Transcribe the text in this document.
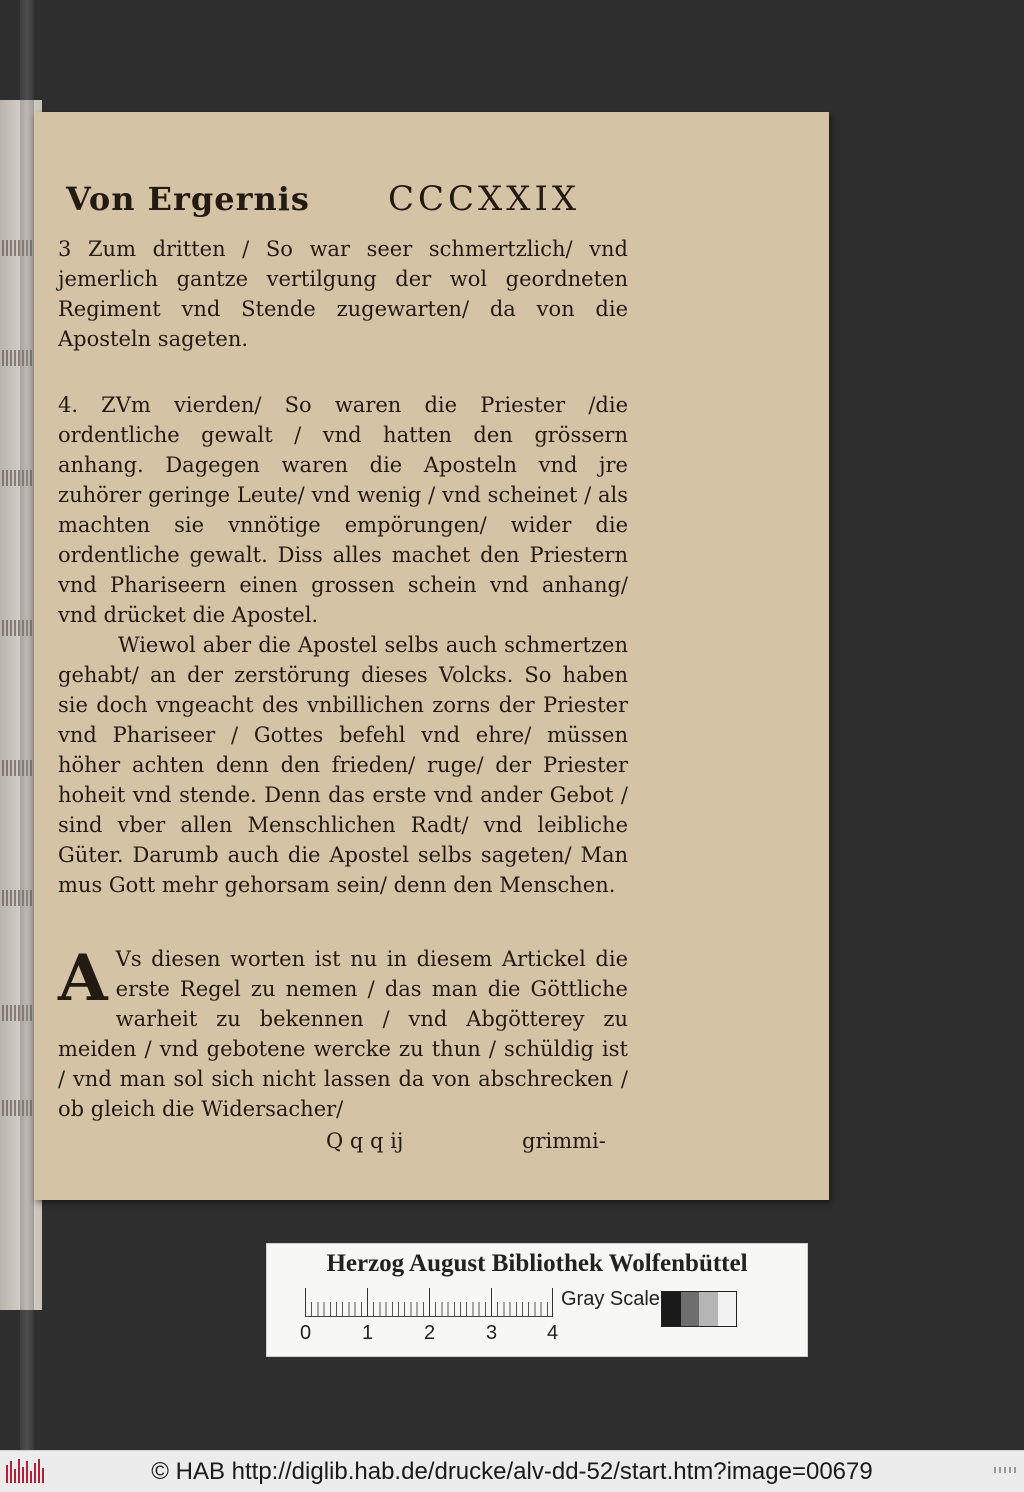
Von Ergernis CCCXXIX

3 Zum dritten / So war seer schmertzlich/ vnd jemerlich gantze vertilgung der wol geordneten Regiment vnd Stende zugewarten/ da von die Aposteln sageten.

4. ZVm vierden/ So waren die Priester /die ordentliche gewalt / vnd hatten den grössern anhang. Dagegen waren die Aposteln vnd jre zuhörer geringe Leute/ vnd wenig / vnd scheinet / als machten sie vnnötige empörungen/ wider die ordentliche gewalt. Diss alles machet den Priestern vnd Phariseern einen grossen schein vnd anhang/ vnd drücket die Apostel.

Wiewol aber die Apostel selbs auch schmertzen gehabt/ an der zerstörung dieses Volcks. So haben sie doch vngeacht des vnbillichen zorns der Priester vnd Phariseer / Gottes befehl vnd ehre/ müssen höher achten denn den frieden/ ruge/ der Priester hoheit vnd stende. Denn das erste vnd ander Gebot / sind vber allen Menschlichen Radt/ vnd leibliche Güter. Darumb auch die Apostel selbs sageten/ Man mus Gott mehr gehorsam sein/ denn den Menschen.

A Vs diesen worten ist nu in diesem Artickel die erste Regel zu nemen / das man die Göttliche warheit zu bekennen / vnd Abgötterey zu meiden / vnd gebotene wercke zu thun / schüldig ist / vnd man sol sich nicht lassen da von abschrecken / ob gleich die Widersacher/

Q q q ij	grimmi-
Herzog August Bibliothek Wolfenbüttel
0	1	2	3 4
Gray Scale
© HAB http://diglib.hab.de/drucke/alv-dd-52/start.htm?image=00679
